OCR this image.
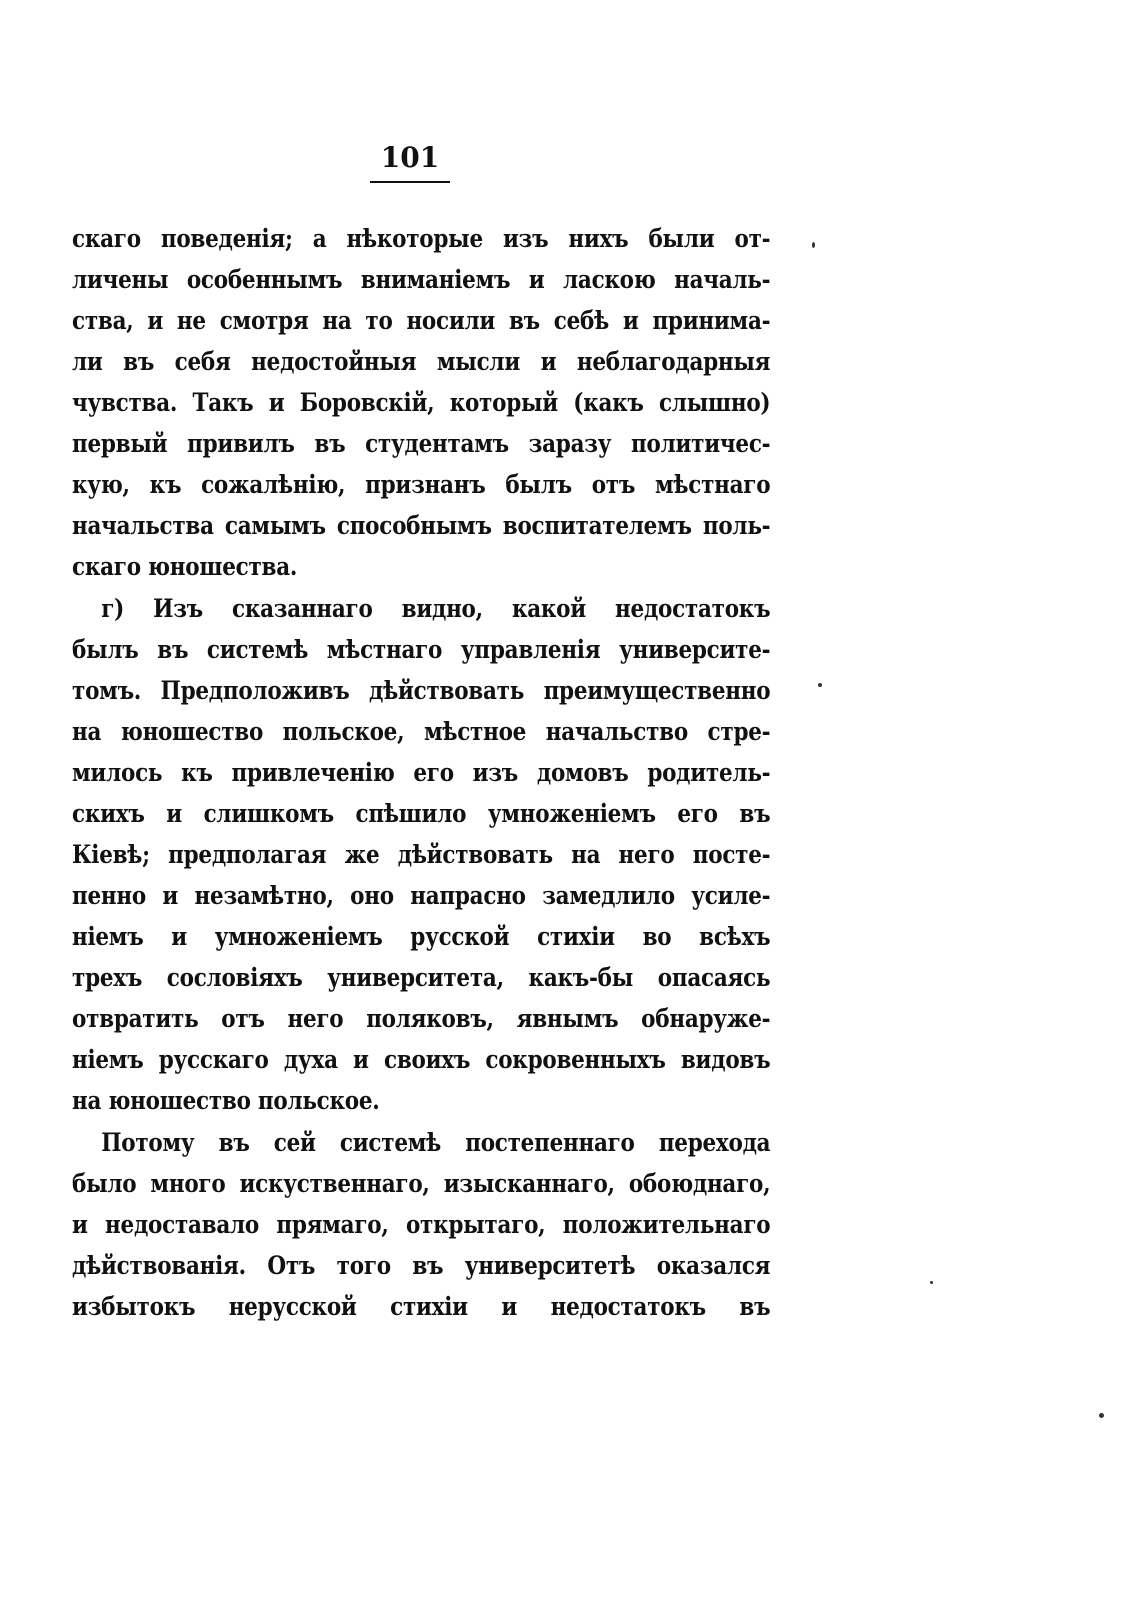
101
скаго поведенія; а нѣкоторые изъ нихъ были от-
личены особеннымъ вниманіемъ и ласкою началь-
ства, и не смотря на то носили въ себѣ и принима-
ли въ себя недостойныя мысли и неблагодарныя
чувства. Такъ и Боровскій, который (какъ слышно)
первый привилъ въ студентамъ заразу политичес-
кую, къ сожалѣнію, признанъ былъ отъ мѣстнаго
начальства самымъ способнымъ воспитателемъ поль-
скаго юношества.
г) Изъ сказаннаго видно, какой недостатокъ
былъ въ системѣ мѣстнаго управленія университе-
томъ. Предположивъ дѣйствовать преимущественно
на юношество польское, мѣстное начальство стре-
милось къ привлеченію его изъ домовъ родитель-
скихъ и слишкомъ спѣшило умноженіемъ его въ
Кіевѣ; предполагая же дѣйствовать на него посте-
пенно и незамѣтно, оно напрасно замедлило усиле-
ніемъ и умноженіемъ русской стихіи во всѣхъ
трехъ сословіяхъ университета, какъ-бы опасаясь
отвратить отъ него поляковъ, явнымъ обнаруже-
ніемъ русскаго духа и своихъ сокровенныхъ видовъ
на юношество польское.
Потому въ сей системѣ постепеннаго перехода
было много искуственнаго, изысканнаго, обоюднаго,
и недоставало прямаго, открытаго, положительнаго
дѣйствованія. Отъ того въ университетѣ оказался
избытокъ нерусской стихіи и недостатокъ въ
